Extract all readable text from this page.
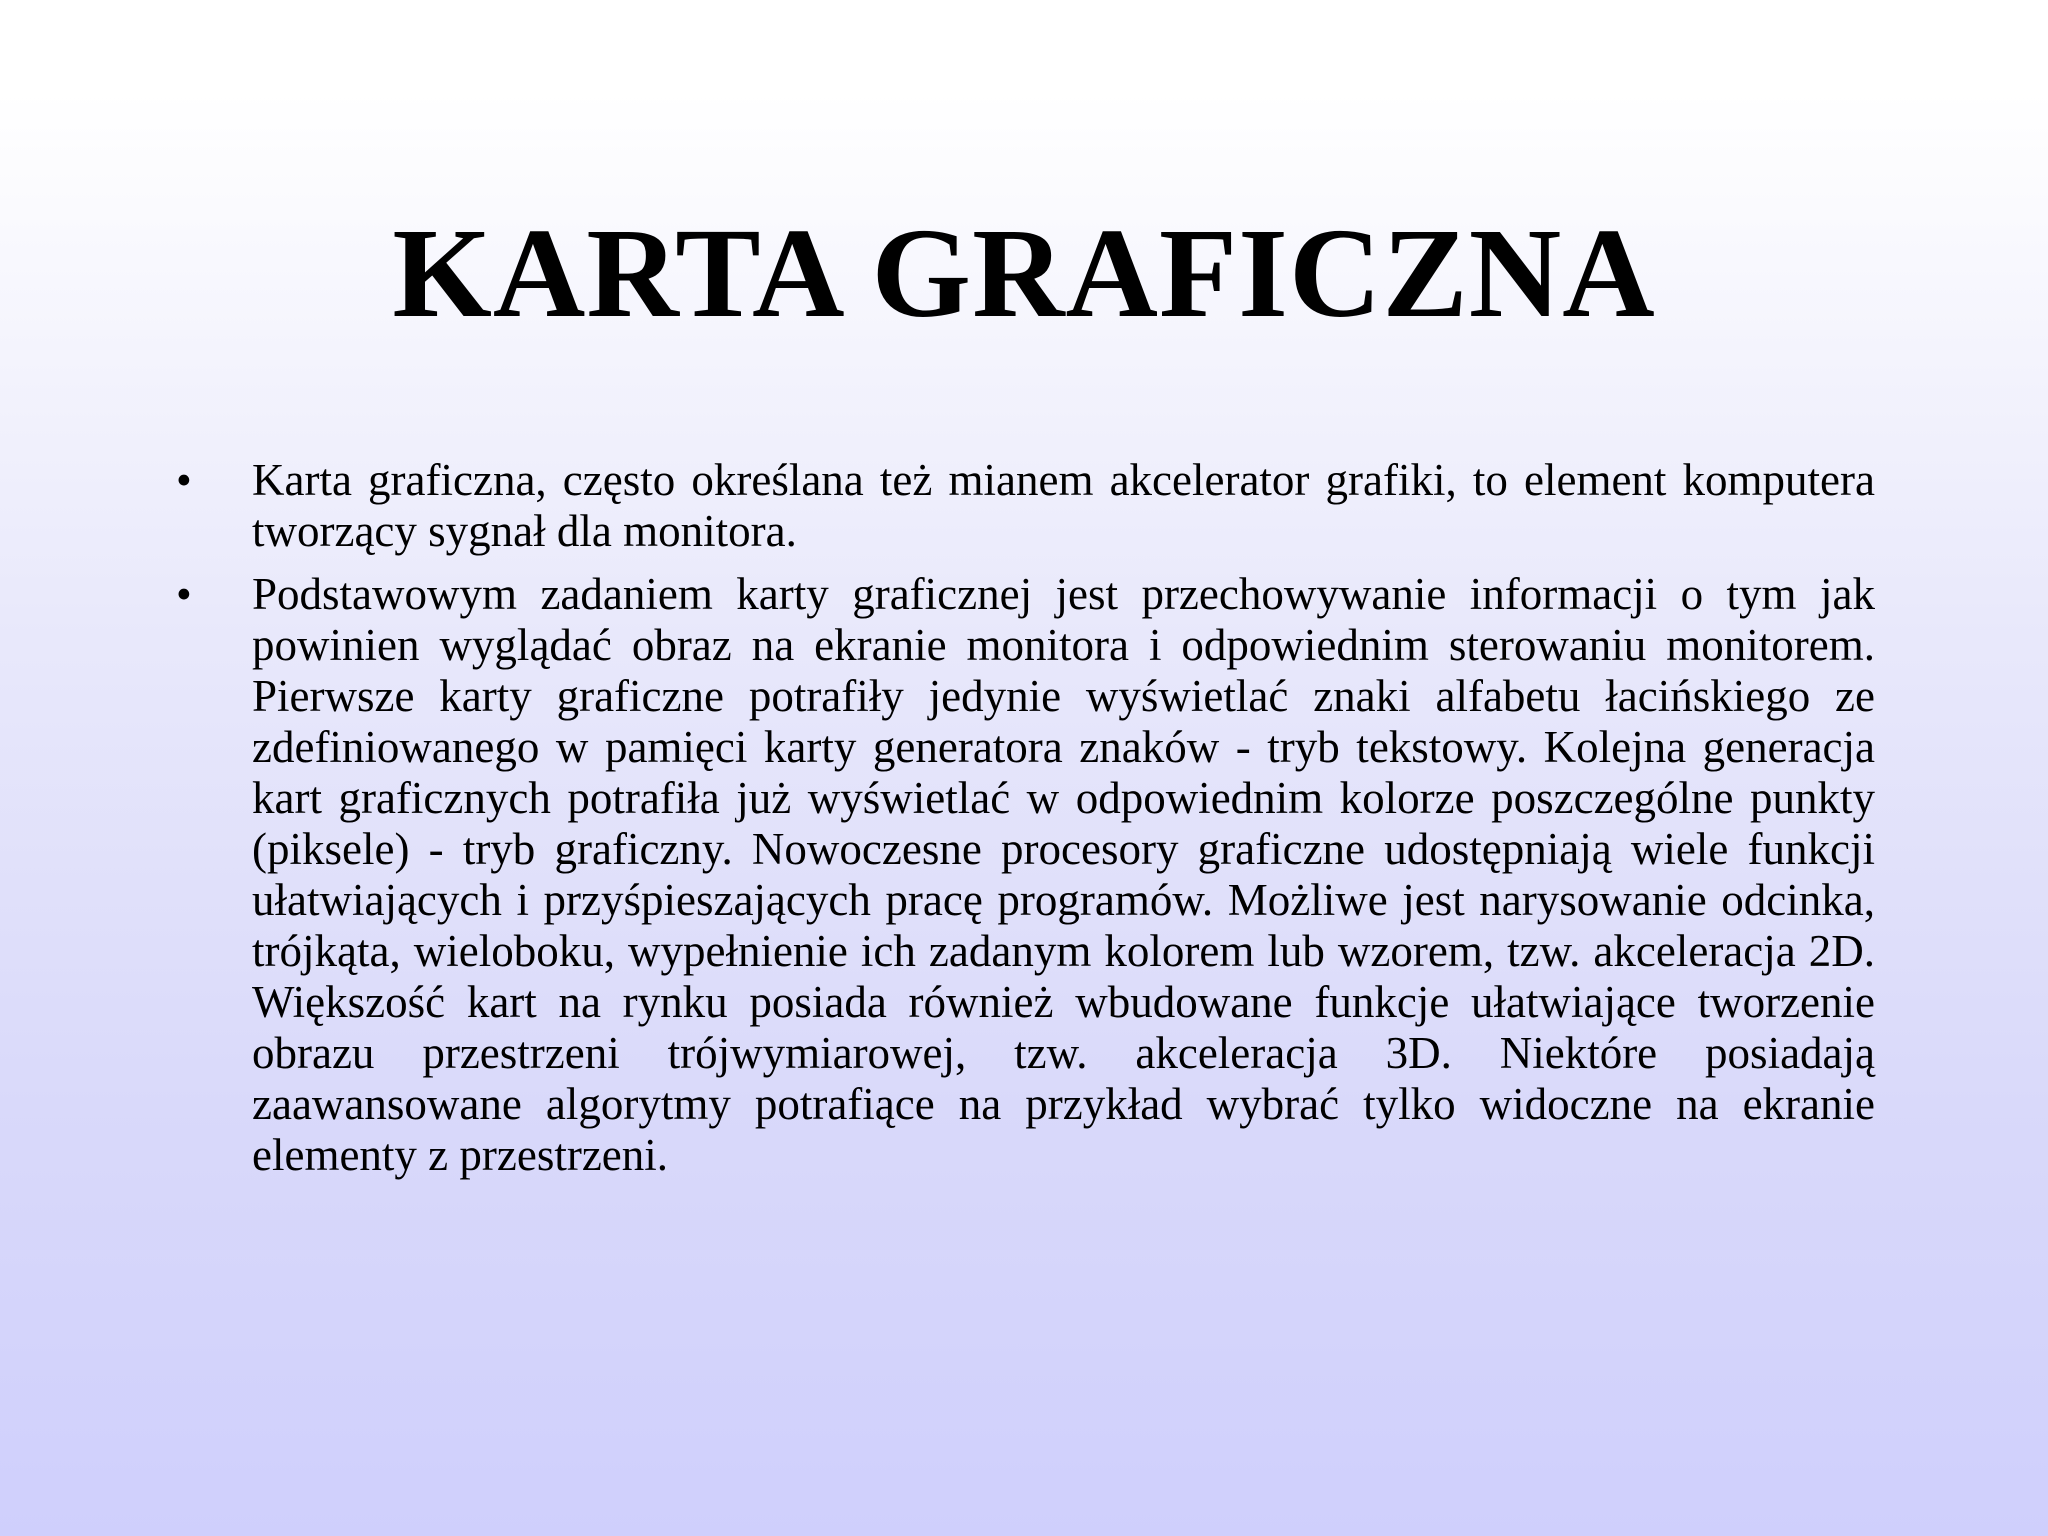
KARTA GRAFICZNA
• Karta graficzna, często określana też mianem akcelerator grafiki, to element komputera tworzący sygnał dla monitora.
• Podstawowym zadaniem karty graficznej jest przechowywanie informacji o tym jak powinien wyglądać obraz na ekranie monitora i odpowiednim sterowaniu monitorem. Pierwsze karty graficzne potrafiły jedynie wyświetlać znaki alfabetu łacińskiego ze zdefiniowanego w pamięci karty generatora znaków - tryb tekstowy. Kolejna generacja kart graficznych potrafiła już wyświetlać w odpowiednim kolorze poszczególne punkty (piksele) - tryb graficzny. Nowoczesne procesory graficzne udostępniają wiele funkcji ułatwiających i przyśpieszających pracę programów. Możliwe jest narysowanie odcinka, trójkąta, wieloboku, wypełnienie ich zadanym kolorem lub wzorem, tzw. akceleracja 2D. Większość kart na rynku posiada również wbudowane funkcje ułatwiające tworzenie obrazu przestrzeni trójwymiarowej, tzw. akceleracja 3D. Niektóre posiadają zaawansowane algorytmy potrafiące na przykład wybrać tylko widoczne na ekranie elementy z przestrzeni.
